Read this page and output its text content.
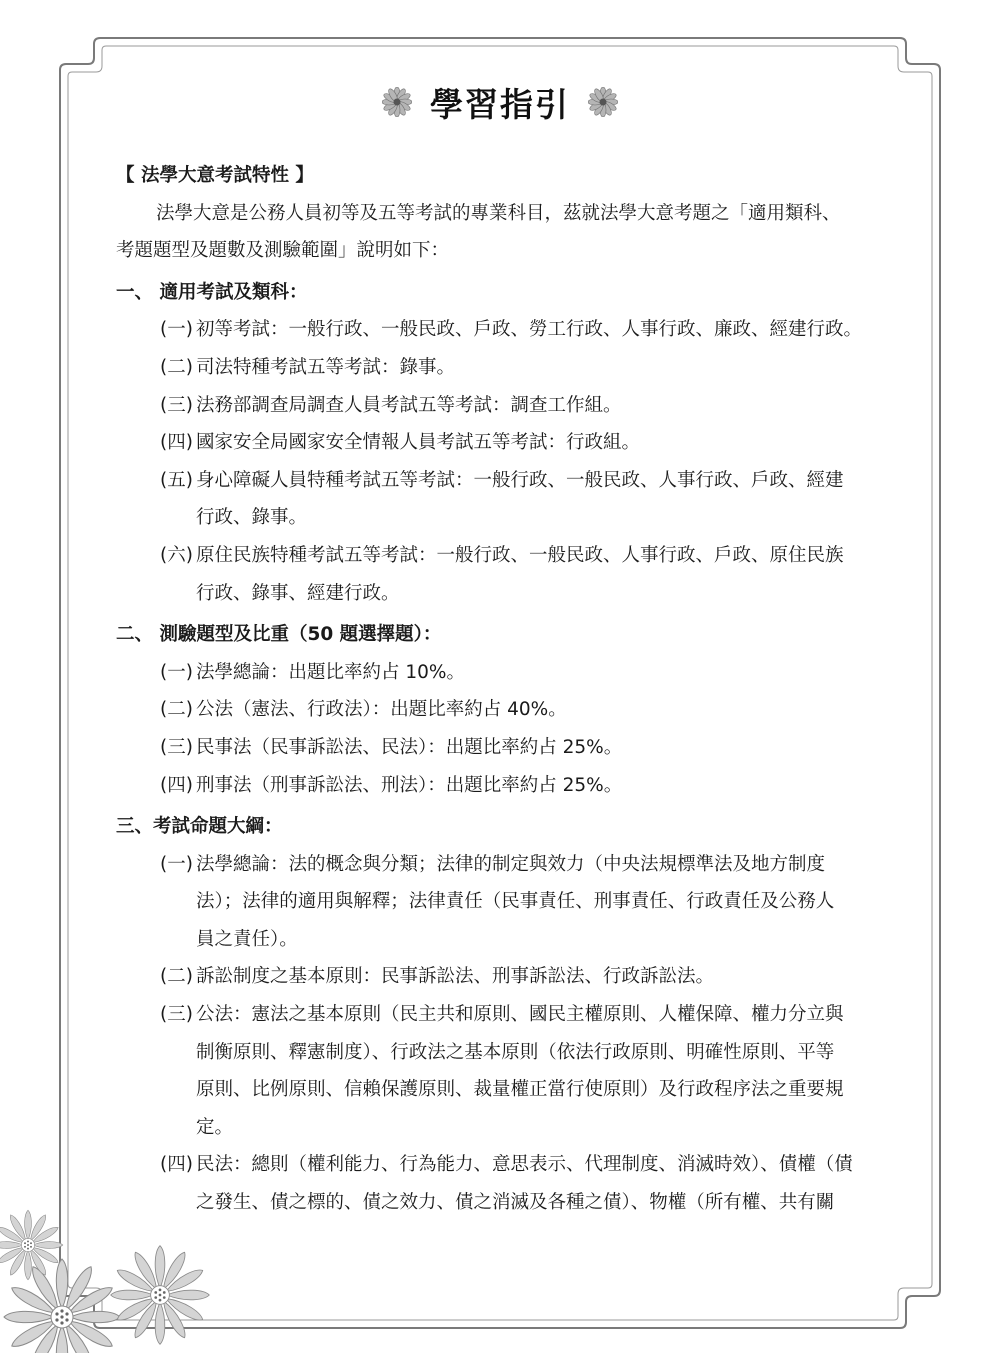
學習指引
【 法學大意考試特性 】
法學大意是公務人員初等及五等考試的專業科目，茲就法學大意考題之「適用類科、
考題題型及題數及測驗範圍」說明如下：
一、 適用考試及類科：
(一) 初等考試：一般行政、一般民政、戶政、勞工行政、人事行政、廉政、經建行政。
(二) 司法特種考試五等考試：錄事。
(三) 法務部調查局調查人員考試五等考試：調查工作組。
(四) 國家安全局國家安全情報人員考試五等考試：行政組。
(五) 身心障礙人員特種考試五等考試：一般行政、一般民政、人事行政、戶政、經建
行政、錄事。
(六) 原住民族特種考試五等考試：一般行政、一般民政、人事行政、戶政、原住民族
行政、錄事、經建行政。
二、 測驗題型及比重（50 題選擇題）：
(一) 法學總論：出題比率約占 10%。
(二) 公法（憲法、行政法）：出題比率約占 40%。
(三) 民事法（民事訴訟法、民法）：出題比率約占 25%。
(四) 刑事法（刑事訴訟法、刑法）：出題比率約占 25%。
三、考試命題大綱：
(一) 法學總論：法的概念與分類；法律的制定與效力（中央法規標準法及地方制度
法）；法律的適用與解釋；法律責任（民事責任、刑事責任、行政責任及公務人
員之責任）。
(二) 訴訟制度之基本原則：民事訴訟法、刑事訴訟法、行政訴訟法。
(三) 公法：憲法之基本原則（民主共和原則、國民主權原則、人權保障、權力分立與
制衡原則、釋憲制度）、行政法之基本原則（依法行政原則、明確性原則、平等
原則、比例原則、信賴保護原則、裁量權正當行使原則）及行政程序法之重要規
定。
(四) 民法：總則（權利能力、行為能力、意思表示、代理制度、消滅時效）、債權（債
之發生、債之標的、債之效力、債之消滅及各種之債）、物權（所有權、共有關
